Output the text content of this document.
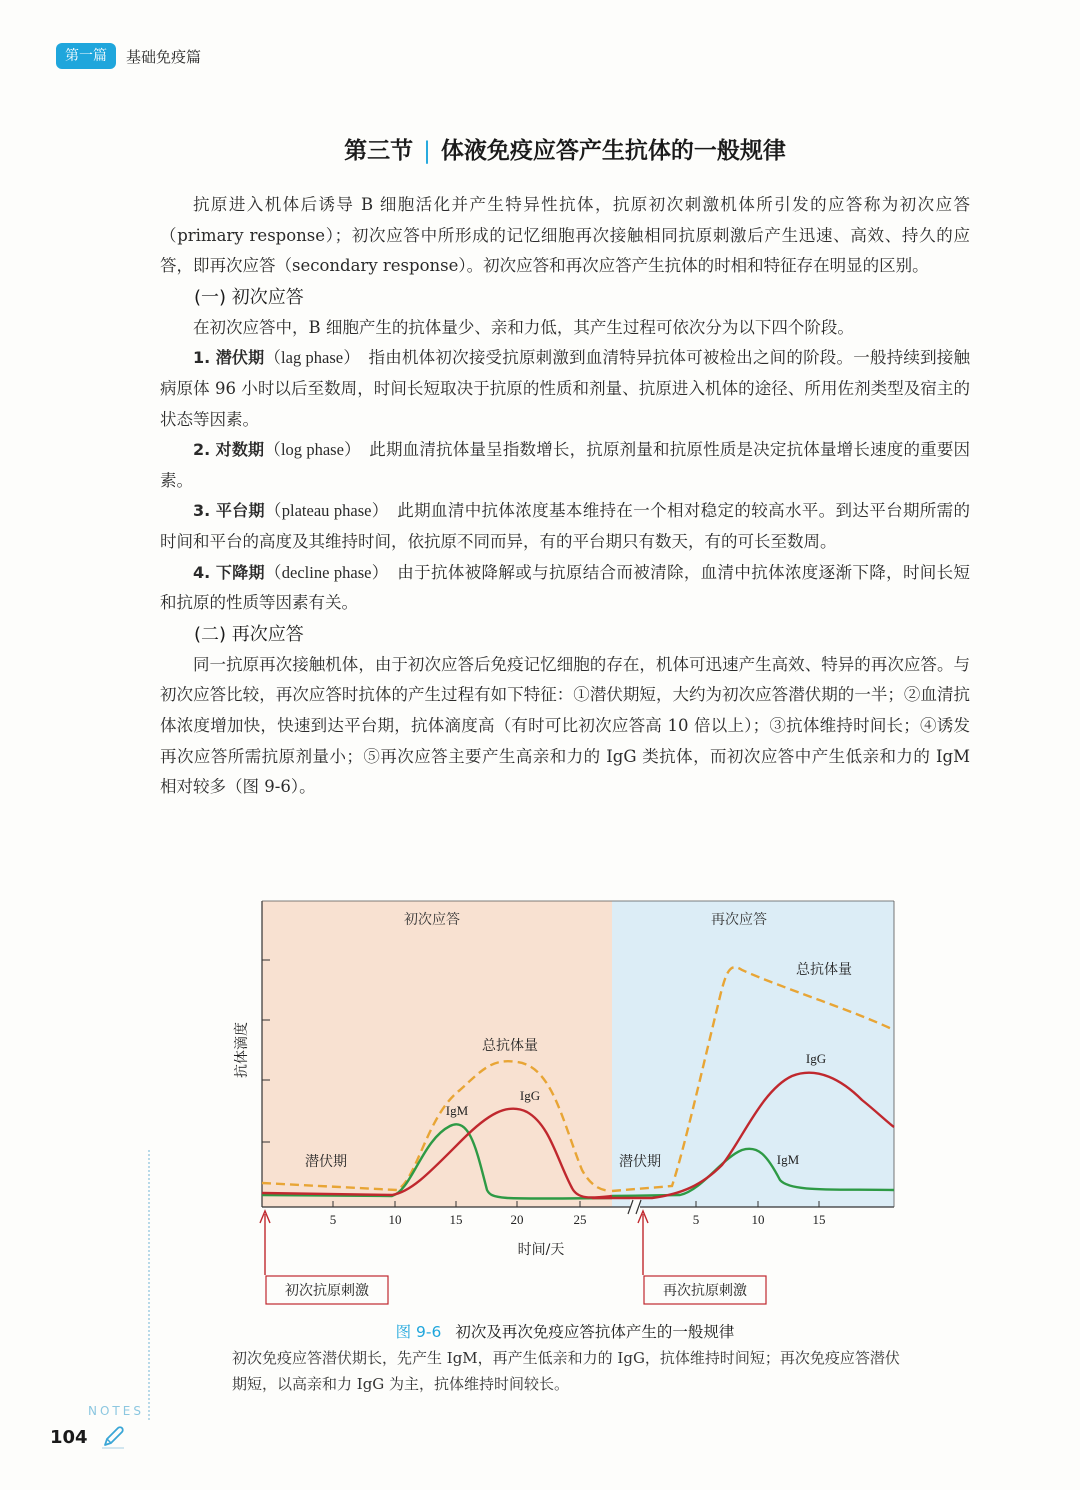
第一篇	基础免疫篇
第三节 | 体液免疫应答产生抗体的一般规律

抗原进入机体后诱导 B 细胞活化并产生特异性抗体，抗原初次刺激机体所引发的应答称为初次应答（primary response）；初次应答中所形成的记忆细胞再次接触相同抗原刺激后产生迅速、高效、持久的应答，即再次应答（secondary response）。初次应答和再次应答产生抗体的时相和特征存在明显的区别。

(一) 初次应答

在初次应答中，B 细胞产生的抗体量少、亲和力低，其产生过程可依次分为以下四个阶段。

1. 潜伏期（lag phase）　 指由机体初次接受抗原刺激到血清特异抗体可被检出之间的阶段。一般持续到接触病原体 96 小时以后至数周，时间长短取决于抗原的性质和剂量、抗原进入机体的途径、所用佐剂类型及宿主的状态等因素。

2. 对数期（log phase）　 此期血清抗体量呈指数增长，抗原剂量和抗原性质是决定抗体量增长速度的重要因素。

3. 平台期（plateau phase）　 此期血清中抗体浓度基本维持在一个相对稳定的较高水平。到达平台期所需的时间和平台的高度及其维持时间，依抗原不同而异，有的平台期只有数天，有的可长至数周。

4. 下降期（decline phase）　 由于抗体被降解或与抗原结合而被清除，血清中抗体浓度逐渐下降，时间长短和抗原的性质等因素有关。

(二) 再次应答

同一抗原再次接触机体，由于初次应答后免疫记忆细胞的存在，机体可迅速产生高效、特异的再次应答。与初次应答比较，再次应答时抗体的产生过程有如下特征：①潜伏期短，大约为初次应答潜伏期的一半；②血清抗体浓度增加快，快速到达平台期，抗体滴度高（有时可比初次应答高 10 倍以上）；③抗体维持时间长；④诱发再次应答所需抗原剂量小；⑤再次应答主要产生高亲和力的 IgG 类抗体，而初次应答中产生低亲和力的 IgM 相对较多（图 9-6）。

初次应答	再次应答
总抗体量
IgM
IgG
潜伏期
总抗体量
IgG
IgM
潜伏期
抗体滴度
5	10	15	20	25	5	10	15
时间/天
初次抗原刺激	再次抗原刺激
图 9-6 初次及再次免疫应答抗体产生的一般规律
初次免疫应答潜伏期长，先产生 IgM，再产生低亲和力的 IgG，抗体维持时间短；再次免疫应答潜伏期短，以高亲和力 IgG 为主，抗体维持时间较长。
NOTES
104
